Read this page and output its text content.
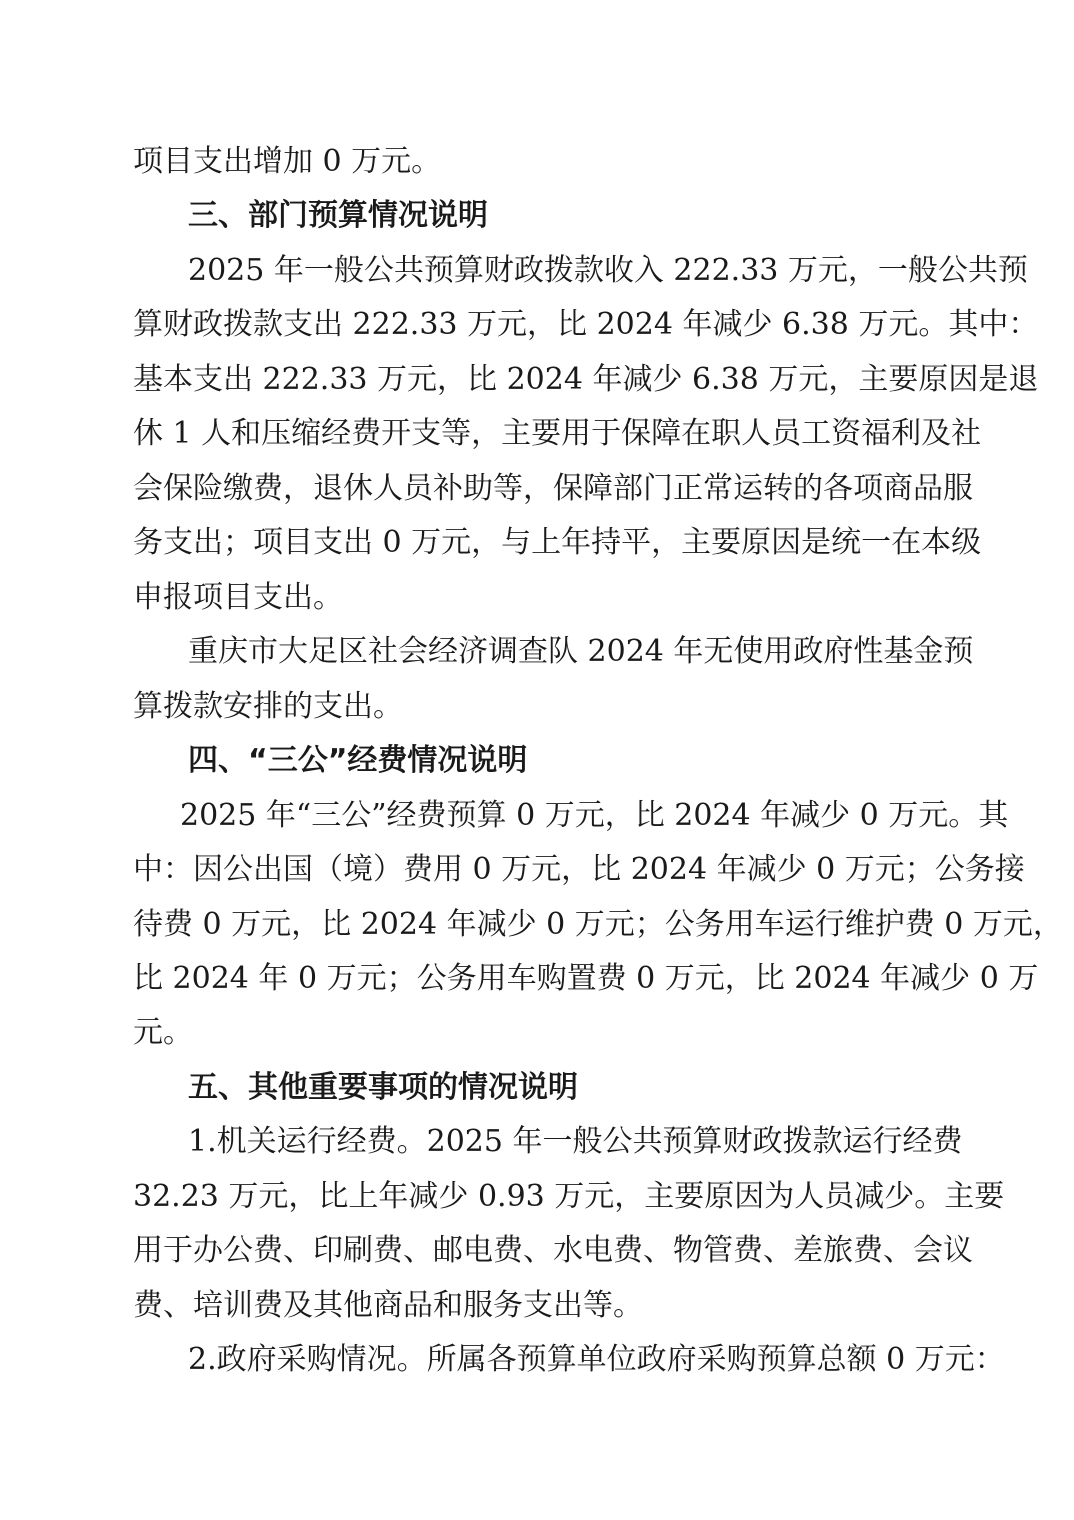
项目支出增加 0 万元。
三、部门预算情况说明
2025 年一般公共预算财政拨款收入 222.33 万元，一般公共预
算财政拨款支出 222.33 万元，比 2024 年减少 6.38 万元。其中：
基本支出 222.33 万元，比 2024 年减少 6.38 万元，主要原因是退
休 1 人和压缩经费开支等，主要用于保障在职人员工资福利及社
会保险缴费，退休人员补助等，保障部门正常运转的各项商品服
务支出；项目支出 0 万元，与上年持平，主要原因是统一在本级
申报项目支出。
重庆市大足区社会经济调查队 2024 年无使用政府性基金预
算拨款安排的支出。
四、“三公”经费情况说明
2025 年“三公”经费预算 0 万元，比 2024 年减少 0 万元。其
中：因公出国（境）费用 0 万元，比 2024 年减少 0 万元；公务接
待费 0 万元，比 2024 年减少 0 万元；公务用车运行维护费 0 万元，
比 2024 年 0 万元；公务用车购置费 0 万元，比 2024 年减少 0 万
元。
五、其他重要事项的情况说明
1.机关运行经费。2025 年一般公共预算财政拨款运行经费
32.23 万元，比上年减少 0.93 万元，主要原因为人员减少。主要
用于办公费、印刷费、邮电费、水电费、物管费、差旅费、会议
费、培训费及其他商品和服务支出等。
2.政府采购情况。所属各预算单位政府采购预算总额 0 万元：
